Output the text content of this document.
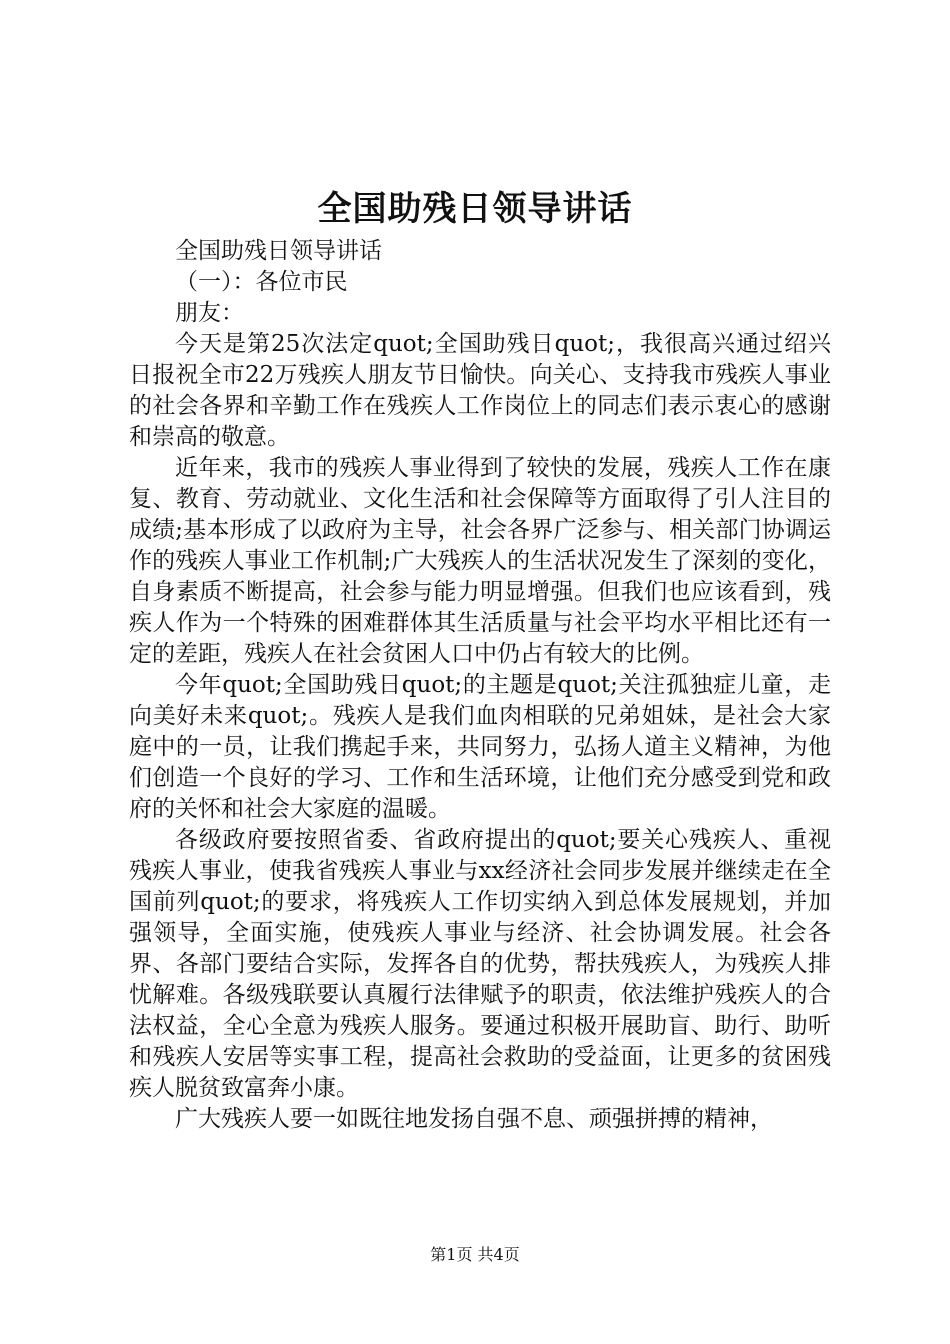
全国助残日领导讲话

全国助残日领导讲话

（一）：各位市民

朋友：

今天是第25次法定quot;全国助残日quot;，我很高兴通过绍兴日报祝全市22万残疾人朋友节日愉快。向关心、支持我市残疾人事业的社会各界和辛勤工作在残疾人工作岗位上的同志们表示衷心的感谢和崇高的敬意。

近年来，我市的残疾人事业得到了较快的发展，残疾人工作在康复、教育、劳动就业、文化生活和社会保障等方面取得了引人注目的成绩;基本形成了以政府为主导，社会各界广泛参与、相关部门协调运作的残疾人事业工作机制;广大残疾人的生活状况发生了深刻的变化，自身素质不断提高，社会参与能力明显增强。但我们也应该看到，残疾人作为一个特殊的困难群体其生活质量与社会平均水平相比还有一定的差距，残疾人在社会贫困人口中仍占有较大的比例。

今年quot;全国助残日quot;的主题是quot;关注孤独症儿童，走向美好未来quot;。残疾人是我们血肉相联的兄弟姐妹，是社会大家庭中的一员，让我们携起手来，共同努力，弘扬人道主义精神，为他们创造一个良好的学习、工作和生活环境，让他们充分感受到党和政府的关怀和社会大家庭的温暖。

各级政府要按照省委、省政府提出的quot;要关心残疾人、重视残疾人事业，使我省残疾人事业与xx经济社会同步发展并继续走在全国前列quot;的要求，将残疾人工作切实纳入到总体发展规划，并加强领导，全面实施，使残疾人事业与经济、社会协调发展。社会各界、各部门要结合实际，发挥各自的优势，帮扶残疾人，为残疾人排忧解难。各级残联要认真履行法律赋予的职责，依法维护残疾人的合法权益，全心全意为残疾人服务。要通过积极开展助盲、助行、助听和残疾人安居等实事工程，提高社会救助的受益面，让更多的贫困残疾人脱贫致富奔小康。

广大残疾人要一如既往地发扬自强不息、顽强拼搏的精神，

第1页 共4页
